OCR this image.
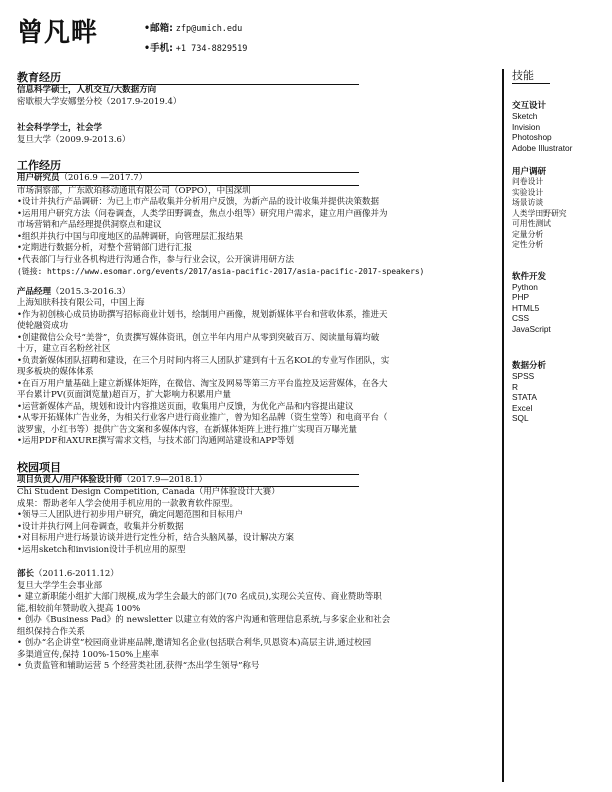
曾凡畔	•邮箱: zfp@umich.edu
•手机: +1 734-8829519
教育经历
信息科学硕士，人机交互/大数据方向
密歇根大学安娜堡分校（2017.9-2019.4）
社会科学学士，社会学
复旦大学（2009.9-2013.6）
工作经历
用户研究员（2016.9 —2017.7）
市场洞察部，广东欧珀移动通讯有限公司（OPPO），中国深圳
•设计并执行产品调研：为已上市产品收集并分析用户反馈，为新产品的设计收集并提供决策数据
•运用用户研究方法（问卷调查，人类学田野调查，焦点小组等）研究用户需求，建立用户画像并为
市场营销和产品经理提供洞察点和建议
•组织并执行中国与印度地区的品牌调研，向管理层汇报结果
•定期进行数据分析，对整个营销部门进行汇报
•代表部门与行业各机构进行沟通合作，参与行业会议，公开演讲用研方法
(链接: https://www.esomar.org/events/2017/asia-pacific-2017/asia-pacific-2017-speakers)
产品经理（2015.3-2016.3）
上海知肤科技有限公司，中国上海
•作为初创核心成员协助撰写招标商业计划书，绘制用户画像，规划新媒体平台和营收体系，推进天
使轮融资成功
•创建微信公众号“美誉”，负责撰写媒体资讯，创立半年内用户从零到突破百万、阅读量每篇均破
十万，建立百名粉丝社区
•负责新媒体团队招聘和建设，在三个月时间内将三人团队扩建到有十五名KOL的专业写作团队，实
现多板块的媒体体系
•在百万用户量基础上建立新媒体矩阵，在微信、淘宝及网易等第三方平台监控及运营媒体，在各大
平台累计PV(页面浏览量)超百万，扩大影响力积累用户量
•运营新媒体产品，规划和设计内容推送页面，收集用户反馈，为优化产品和内容提出建议
•从零开拓媒体广告业务，为相关行业客户进行商业推广，曾为知名品牌（资生堂等）和电商平台（
波罗蜜，小红书等）提供广告文案和多媒体内容，在新媒体矩阵上进行推广实现百万曝光量
•运用PDF和AXURE撰写需求文档，与技术部门沟通网站建设和APP等划
校园项目
项目负责人/用户体验设计师（2017.9—2018.1）
Chi Student Design Competition, Canada（用户体验设计大赛）
成果：帮助老年人学会使用手机应用的一款教育软件原型。
•领导三人团队进行初步用户研究，确定问题范围和目标用户
•设计并执行网上问卷调查，收集并分析数据
•对目标用户进行场景访谈并进行定性分析，结合头脑风暴，设计解决方案
•运用sketch和invision设计手机应用的原型
部长（2011.6-2011.12）
复旦大学学生会事业部
• 建立新职能小组扩大部门规模,成为学生会最大的部门(70 名成员),实现公关宣传、商业赞助等职
能,相较前年赞助收入提高 100%
• 创办《Business Pad》的 newsletter 以建立有效的客户沟通和管理信息系统,与多家企业和社会
组织保持合作关系
• 创办“名企讲堂”校园商业讲座品牌,邀请知名企业(包括联合利华,贝恩资本)高层主讲,通过校园
多渠道宣传,保持 100%-150%上座率
• 负责监管和辅助运营 5 个经营类社团,获得“杰出学生领导”称号
技能
交互设计
Sketch
Invision
Photoshop
Adobe Illustrator
用户调研
问卷设计
实验设计
场景访谈
人类学田野研究
可用性测试
定量分析
定性分析
软件开发
Python
PHP
HTML5
CSS
JavaScript
数据分析
SPSS
R
STATA
Excel
SQL
